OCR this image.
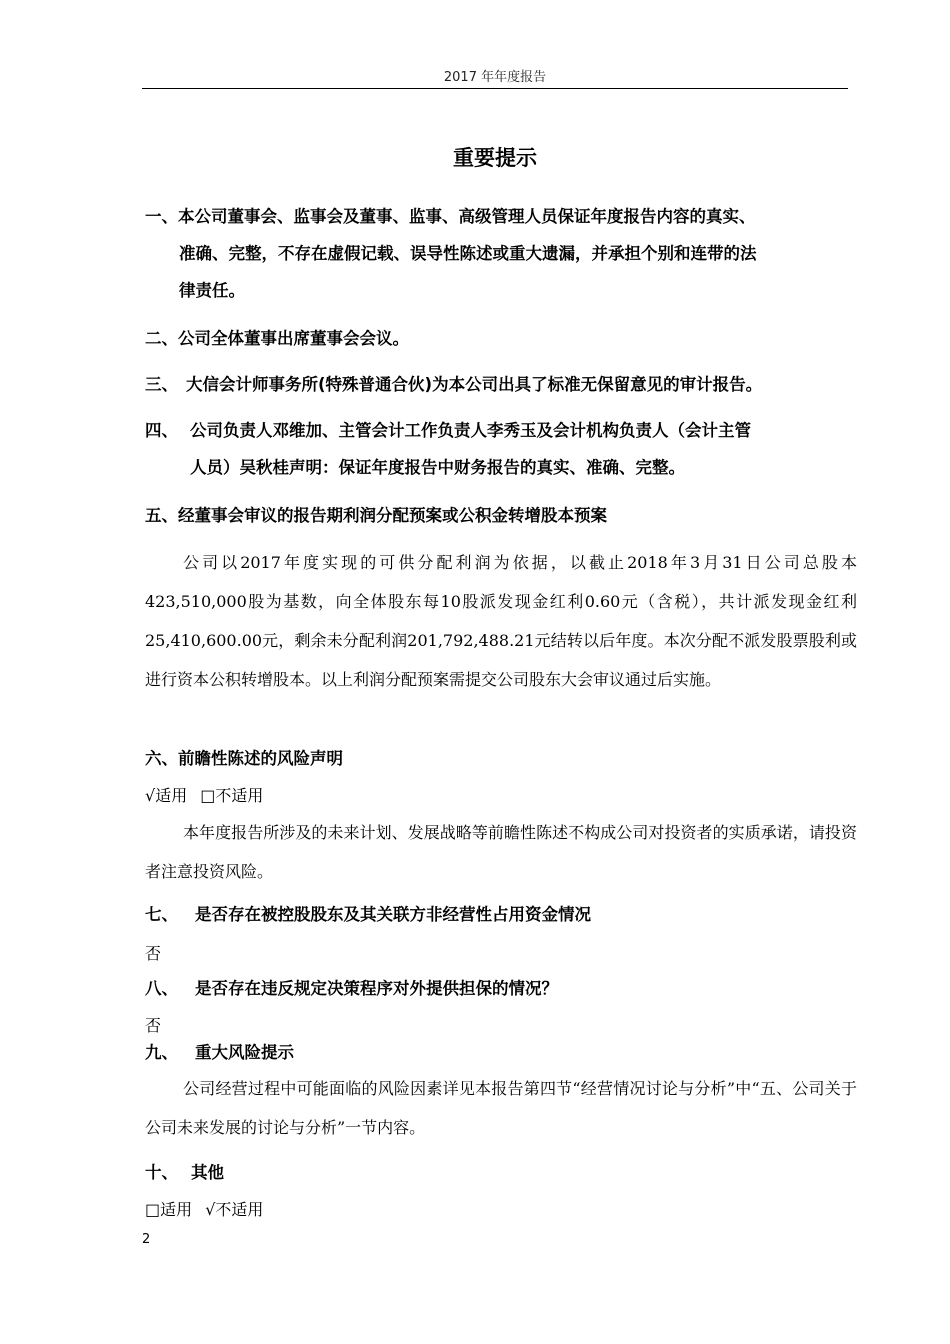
2017 年年度报告
重要提示
一、本公司董事会、监事会及董事、监事、高级管理人员保证年度报告内容的真实、
准确、完整，不存在虚假记载、误导性陈述或重大遗漏，并承担个别和连带的法
律责任。
二、公司全体董事出席董事会会议。
三、 大信会计师事务所(特殊普通合伙)为本公司出具了标准无保留意见的审计报告。
四、 公司负责人邓维加、主管会计工作负责人李秀玉及会计机构负责人（会计主管
人员）吴秋桂声明：保证年度报告中财务报告的真实、准确、完整。
五、经董事会审议的报告期利润分配预案或公积金转增股本预案
公司以2017年度实现的可供分配利润为依据，以截止2018年3月31日公司总股本423,510,000股为基数，向全体股东每10股派发现金红利0.60元（含税），共计派发现金红利25,410,600.00元，剩余未分配利润201,792,488.21元结转以后年度。本次分配不派发股票股利或进行资本公积转增股本。以上利润分配预案需提交公司股东大会审议通过后实施。
六、前瞻性陈述的风险声明
√适用 □不适用
本年度报告所涉及的未来计划、发展战略等前瞻性陈述不构成公司对投资者的实质承诺，请投资者注意投资风险。
七、 是否存在被控股股东及其关联方非经营性占用资金情况
否
八、 是否存在违反规定决策程序对外提供担保的情况？
否
九、 重大风险提示
公司经营过程中可能面临的风险因素详见本报告第四节“经营情况讨论与分析”中“五、公司关于公司未来发展的讨论与分析”一节内容。
十、 其他
□适用 √不适用
2
